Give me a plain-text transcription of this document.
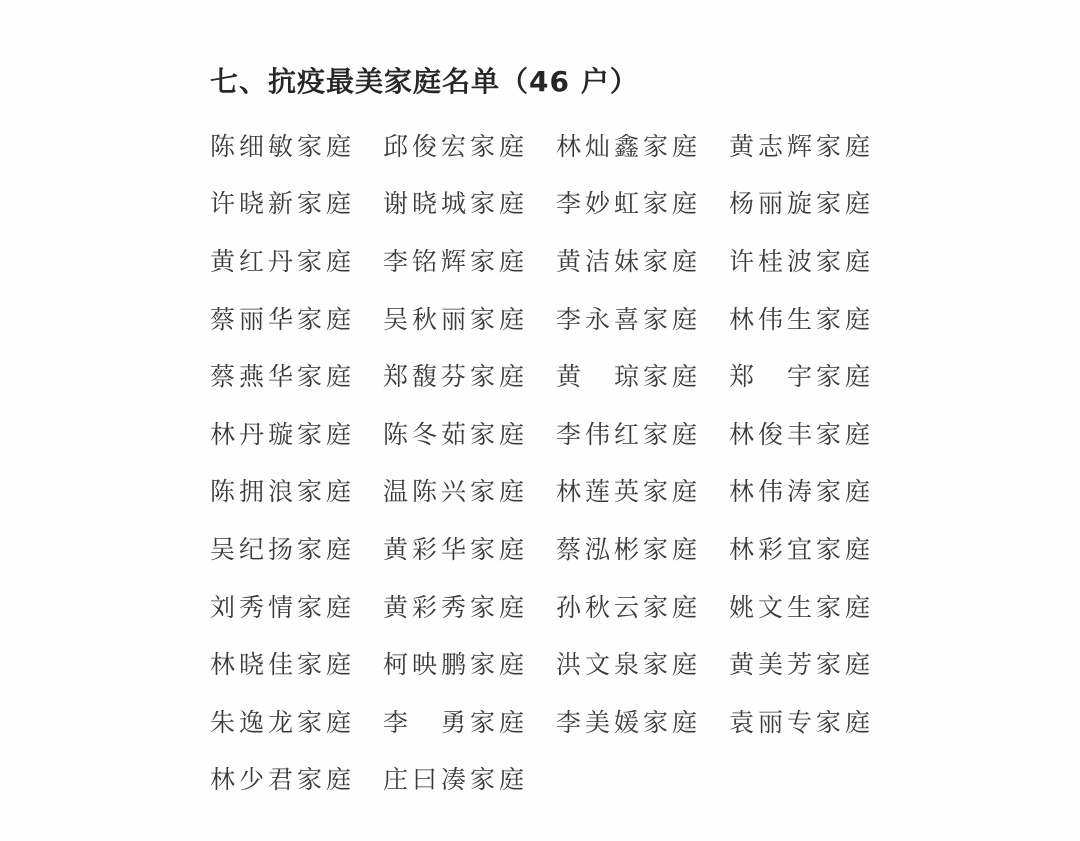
七、抗疫最美家庭名单（46 户）
陈细敏家庭	邱俊宏家庭	林灿鑫家庭	黄志辉家庭
许晓新家庭	谢晓城家庭	李妙虹家庭	杨丽旋家庭
黄红丹家庭	李铭辉家庭	黄洁妹家庭	许桂波家庭
蔡丽华家庭	吴秋丽家庭	李永喜家庭	林伟生家庭
蔡燕华家庭	郑馥芬家庭	黄　琼家庭	郑　宇家庭
林丹璇家庭	陈冬茹家庭	李伟红家庭	林俊丰家庭
陈拥浪家庭	温陈兴家庭	林莲英家庭	林伟涛家庭
吴纪扬家庭	黄彩华家庭	蔡泓彬家庭	林彩宜家庭
刘秀情家庭	黄彩秀家庭	孙秋云家庭	姚文生家庭
林晓佳家庭	柯映鹏家庭	洪文泉家庭	黄美芳家庭
朱逸龙家庭	李　勇家庭	李美媛家庭	袁丽专家庭
林少君家庭	庄曰凑家庭
